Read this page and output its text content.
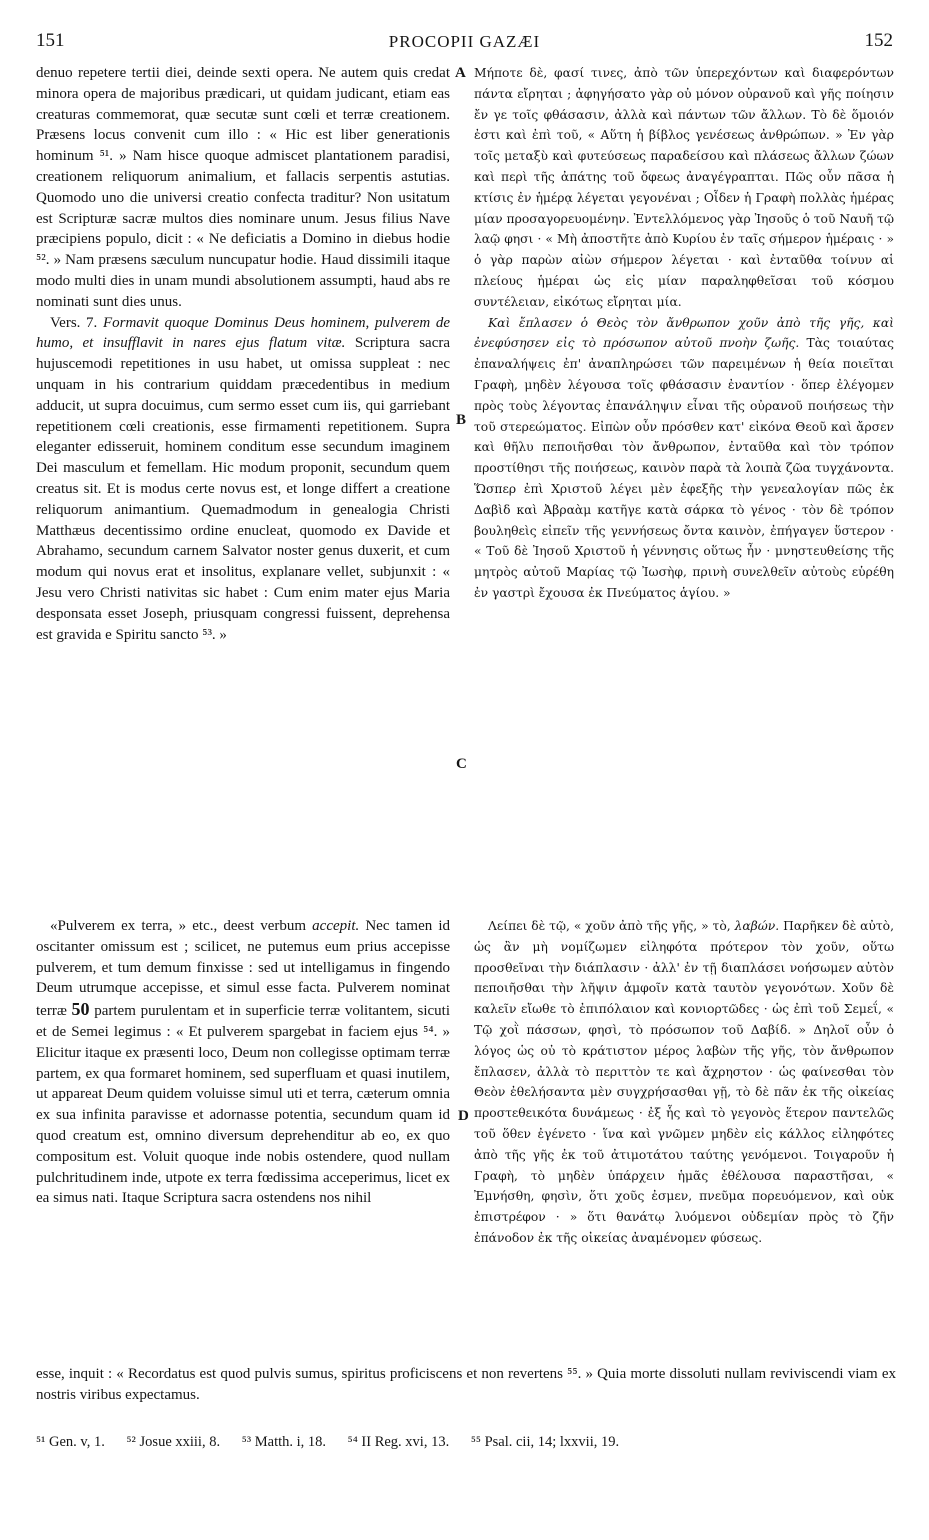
151	PROCOPII GAZÆI	152

denuo repetere tertii diei, deinde sexti opera. Ne autem quis credat minora opera de majoribus prædicari, ut quidam judicant, etiam eas creaturas commemorat, quæ secutæ sunt cœli et terræ creationem. Præsens locus convenit cum illo : « Hic est liber generationis hominum ⁵¹. » Nam hisce quoque admiscet plantationem paradisi, creationem reliquorum animalium, et fallacis serpentis astutias. Quomodo uno die universi creatio confecta traditur? Non usitatum est Scripturæ sacræ multos dies nominare unum. Jesus filius Nave præcipiens populo, dicit : « Ne deficiatis a Domino in diebus hodie ⁵². » Nam præsens sæculum nuncupatur hodie. Haud dissimili itaque modo multi dies in unam mundi absolutionem assumpti, haud abs re nominati sunt dies unus.

Vers. 7. Formavit quoque Dominus Deus hominem, pulverem de humo, et insufflavit in nares ejus flatum vitæ. Scriptura sacra hujuscemodi repetitiones in usu habet, ut omissa suppleat : nec unquam in his contrarium quiddam præcedentibus in medium adducit, ut supra docuimus, cum sermo esset cum iis, qui garriebant repetitionem cœli creationis, esse firmamenti repetitionem. Supra eleganter edisseruit, hominem conditum esse secundum imaginem Dei masculum et femellam. Hic modum proponit, secundum quem creatus sit. Et is modus certe novus est, et longe differt a creatione reliquorum animantium. Quemadmodum in genealogia Christi Matthæus decentissimo ordine enucleat, quomodo ex Davide et Abrahamo, secundum carnem Salvator noster genus duxerit, et cum modum qui novus erat et insolitus, explanare vellet, subjunxit : « Jesu vero Christi nativitas sic habet : Cum enim mater ejus Maria desponsata esset Joseph, priusquam congressi fuissent, deprehensa est gravida e Spiritu sancto ⁵³. »

«Pulverem ex terra, » etc., deest verbum accepit. Nec tamen id oscitanter omissum est ; scilicet, ne putemus eum prius accepisse pulverem, et tum demum finxisse : sed ut intelligamus in fingendo Deum utrumque accepisse, et simul esse facta. Pulverem nominat terræ 50 partem purulentam et in superficie terræ volitantem, sicuti et de Semei legimus : « Et pulverem spargebat in faciem ejus ⁵⁴. » Elicitur itaque ex præsenti loco, Deum non collegisse optimam terræ partem, ex qua formaret hominem, sed superfluam et quasi inutilem, ut appareat Deum quidem voluisse simul uti et terra, cæterum omnia ex sua infinita paravisse et adornasse potentia, secundum quam id quod creatum est, omnino diversum deprehenditur ab eo, ex quo compositum est. Voluit quoque inde nobis ostendere, quod nullam pulchritudinem inde, utpote ex terra fœdissima acceperimus, licet ex ea simus nati. Itaque Scriptura sacra ostendens nos nihil

A
B
C
D

Μήποτε δὲ, φασί τινες, ἀπὸ τῶν ὑπερεχόντων καὶ διαφερόντων πάντα εἴρηται ; ἀφηγήσατο γὰρ οὐ μόνον οὐρανοῦ καὶ γῆς ποίησιν ἔν γε τοῖς φθάσασιν, ἀλλὰ καὶ πάντων τῶν ἄλλων. Τὸ δὲ ὅμοιόν ἐστι καὶ ἐπὶ τοῦ, « Αὕτη ἡ βίβλος γενέσεως ἀνθρώπων. » Ἐν γὰρ τοῖς μεταξὺ καὶ φυτεύσεως παραδείσου καὶ πλάσεως ἄλλων ζώων καὶ περὶ τῆς ἀπάτης τοῦ ὄφεως ἀναγέγραπται. Πῶς οὖν πᾶσα ἡ κτίσις ἐν ἡμέρᾳ λέγεται γεγονέναι ; Οἶδεν ἡ Γραφὴ πολλὰς ἡμέρας μίαν προσαγορευομένην. Ἐντελλόμενος γὰρ Ἰησοῦς ὁ τοῦ Ναυῆ τῷ λαῷ φησι · « Μὴ ἀποστῆτε ἀπὸ Κυρίου ἐν ταῖς σήμερον ἡμέραις · » ὁ γὰρ παρὼν αἰὼν σήμερον λέγεται · καὶ ἐνταῦθα τοίνυν αἱ πλείους ἡμέραι ὡς εἰς μίαν παραληφθεῖσαι τοῦ κόσμου συντέλειαν, εἰκότως εἴρηται μία.

Καὶ ἔπλασεν ὁ Θεὸς τὸν ἄνθρωπον χοῦν ἀπὸ τῆς γῆς, καὶ ἐνεφύσησεν εἰς τὸ πρόσωπον αὐτοῦ πνοὴν ζωῆς. Τὰς τοιαύτας ἐπαναλήψεις ἐπ' ἀναπληρώσει τῶν παρειμένων ἡ θεία ποιεῖται Γραφὴ, μηδὲν λέγουσα τοῖς φθάσασιν ἐναντίον · ὅπερ ἐλέγομεν πρὸς τοὺς λέγοντας ἐπανάληψιν εἶναι τῆς οὐρανοῦ ποιήσεως τὴν τοῦ στερεώματος. Εἰπὼν οὖν πρόσθεν κατ' εἰκόνα Θεοῦ καὶ ἄρσεν καὶ θῆλυ πεποιῆσθαι τὸν ἄνθρωπον, ἐνταῦθα καὶ τὸν τρόπον προστίθησι τῆς ποιήσεως, καινὸν παρὰ τὰ λοιπὰ ζῶα τυγχάνοντα. Ὥσπερ ἐπὶ Χριστοῦ λέγει μὲν ἐφεξῆς τὴν γενεαλογίαν πῶς ἐκ Δαβὶδ καὶ Ἀβραὰμ κατῆγε κατὰ σάρκα τὸ γένος · τὸν δὲ τρόπον βουληθεὶς εἰπεῖν τῆς γεννήσεως ὄντα καινὸν, ἐπήγαγεν ὕστερον · « Τοῦ δὲ Ἰησοῦ Χριστοῦ ἡ γέννησις οὕτως ἦν · μνηστευθείσης τῆς μητρὸς αὐτοῦ Μαρίας τῷ Ἰωσὴφ, πρινὴ συνελθεῖν αὐτοὺς εὑρέθη ἐν γαστρὶ ἔχουσα ἐκ Πνεύματος ἁγίου. »

Λείπει δὲ τῷ, « χοῦν ἀπὸ τῆς γῆς, » τὸ, λαβών. Παρῆκεν δὲ αὐτὸ, ὡς ἂν μὴ νομίζωμεν εἰληφότα πρότερον τὸν χοῦν, οὕτω προσθεῖναι τὴν διάπλασιν · ἀλλ' ἐν τῇ διαπλάσει νοήσωμεν αὐτὸν πεποιῆσθαι τὴν λῆψιν ἀμφοῖν κατὰ ταυτὸν γεγονότων. Χοῦν δὲ καλεῖν εἴωθε τὸ ἐπιπόλαιον καὶ κονιορτῶδες · ὡς ἐπὶ τοῦ Σεμεΐ, « Τῷ χοῒ πάσσων, φησὶ, τὸ πρόσωπον τοῦ Δαβίδ. » Δηλοῖ οὖν ὁ λόγος ὡς οὐ τὸ κράτιστον μέρος λαβὼν τῆς γῆς, τὸν ἄνθρωπον ἔπλασεν, ἀλλὰ τὸ περιττὸν τε καὶ ἄχρηστον · ὡς φαίνεσθαι τὸν Θεὸν ἐθελήσαντα μὲν συγχρήσασθαι γῇ, τὸ δὲ πᾶν ἐκ τῆς οἰκείας προστεθεικότα δυνάμεως · ἐξ ἧς καὶ τὸ γεγονὸς ἕτερον παντελῶς τοῦ ὅθεν ἐγένετο · ἵνα καὶ γνῶμεν μηδὲν εἰς κάλλος εἰληφότες ἀπὸ τῆς γῆς ἐκ τοῦ ἀτιμοτάτου ταύτης γενόμενοι. Τοιγαροῦν ἡ Γραφὴ, τὸ μηδὲν ὑπάρχειν ἡμᾶς ἐθέλουσα παραστῆσαι, « Ἐμνήσθη, φησὶν, ὅτι χοῦς ἐσμεν, πνεῦμα πορευόμενον, καὶ οὐκ ἐπιστρέφον · » ὅτι θανάτῳ λυόμενοι οὐδεμίαν πρὸς τὸ ζῆν ἐπάνοδον ἐκ τῆς οἰκείας ἀναμένομεν φύσεως.

esse, inquit : « Recordatus est quod pulvis sumus, spiritus proficiscens et non revertens ⁵⁵. » Quia morte dissoluti nullam reviviscendi viam ex nostris viribus expectamus.
⁵¹ Gen. v, 1. ⁵² Josue xxiii, 8. ⁵³ Matth. i, 18. ⁵⁴ II Reg. xvi, 13. ⁵⁵ Psal. cii, 14; lxxvii, 19.
